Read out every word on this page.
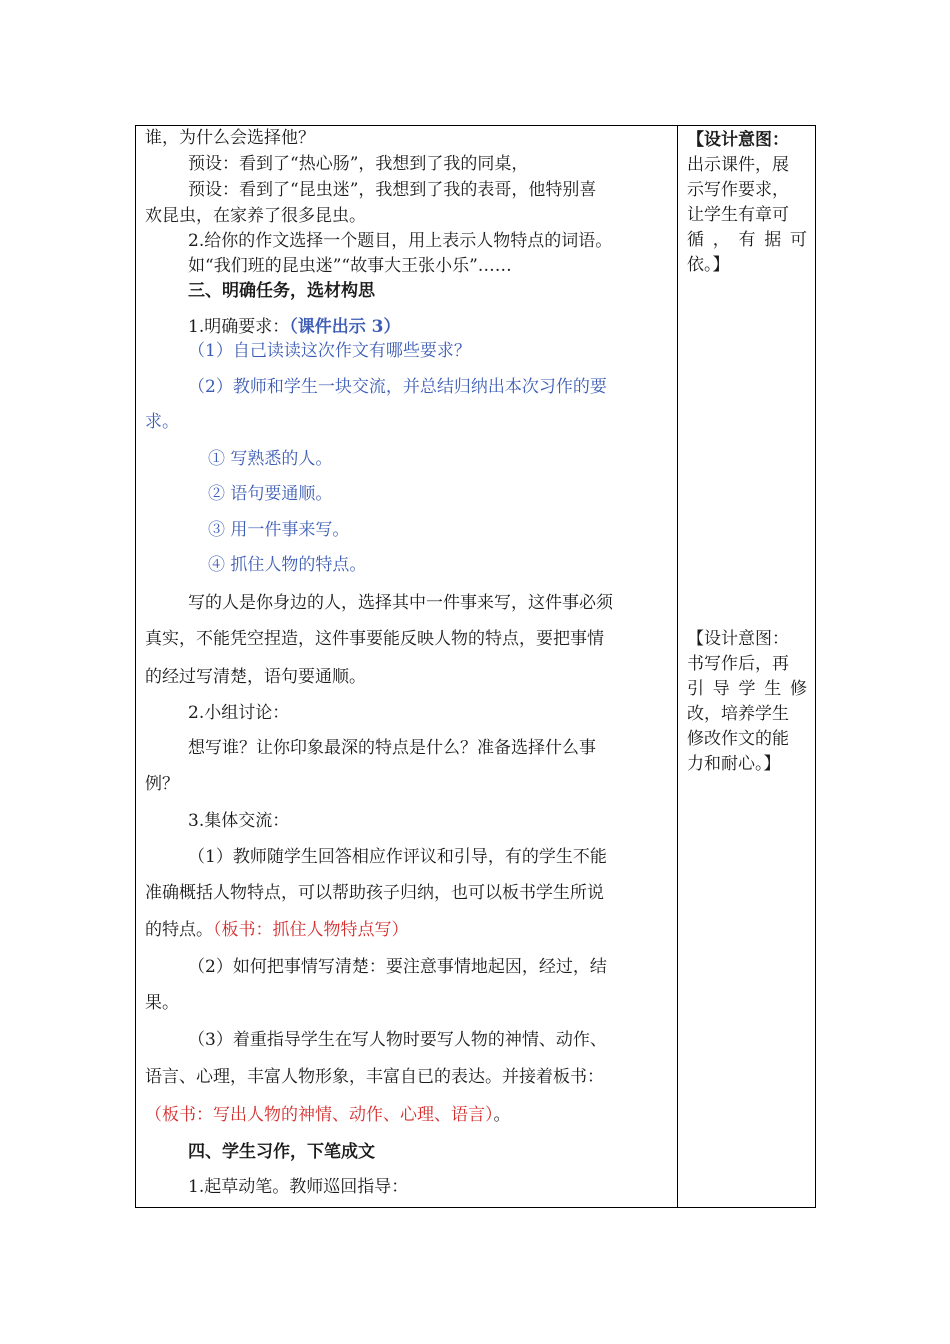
谁，为什么会选择他？
预设：看到了“热心肠”，我想到了我的同桌，
预设：看到了“昆虫迷”，我想到了我的表哥，他特别喜
欢昆虫，在家养了很多昆虫。
2.给你的作文选择一个题目，用上表示人物特点的词语。
如“我们班的昆虫迷”“故事大王张小乐”……
三、明确任务，选材构思
1.明确要求：（课件出示 3）
（1）自己读读这次作文有哪些要求？
（2）教师和学生一块交流，并总结归纳出本次习作的要
求。
① 写熟悉的人。
② 语句要通顺。
③ 用一件事来写。
④ 抓住人物的特点。
写的人是你身边的人，选择其中一件事来写，这件事必须
真实，不能凭空捏造，这件事要能反映人物的特点，要把事情
的经过写清楚，语句要通顺。
2.小组讨论：
想写谁？让你印象最深的特点是什么？准备选择什么事
例？
3.集体交流：
（1）教师随学生回答相应作评议和引导，有的学生不能
准确概括人物特点，可以帮助孩子归纳，也可以板书学生所说
的特点。（板书：抓住人物特点写）
（2）如何把事情写清楚：要注意事情地起因，经过，结
果。
（3）着重指导学生在写人物时要写人物的神情、动作、
语言、心理，丰富人物形象，丰富自已的表达。并接着板书：
（板书：写出人物的神情、动作、心理、语言）。
四、学生习作，下笔成文
1.起草动笔。教师巡回指导：
【设计意图：
出示课件，展
示写作要求，
让学生有章可
循 ， 有 据 可
依。】
【设计意图：
书写作后，再
引 导 学 生 修
改，培养学生
修改作文的能
力和耐心。】
